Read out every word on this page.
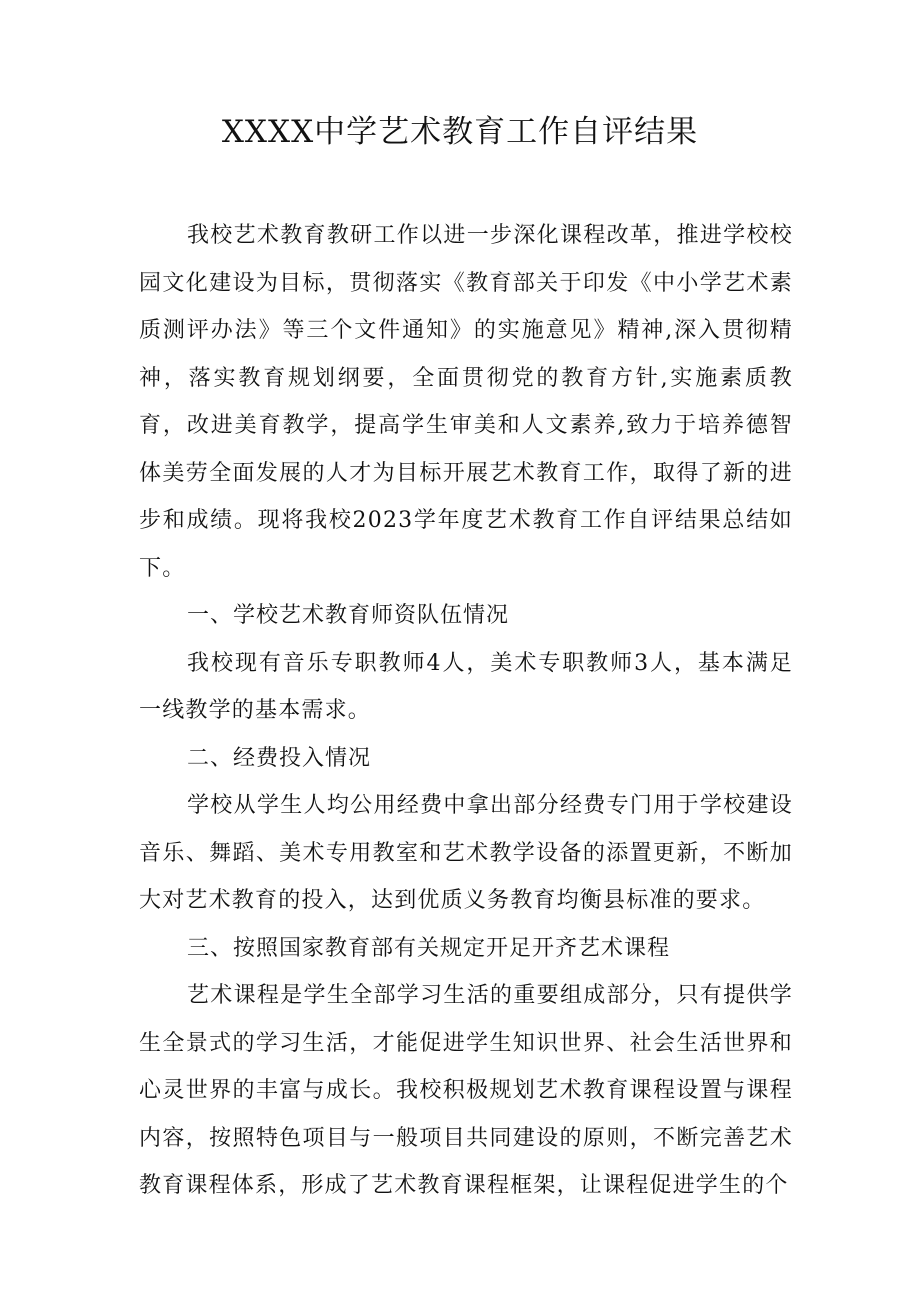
XXXX中学艺术教育工作自评结果

我校艺术教育教研工作以进一步深化课程改革，推进学校校园文化建设为目标，贯彻落实《教育部关于印发《中小学艺术素质测评办法》等三个文件通知》的实施意见》精神,深入贯彻精神，落实教育规划纲要，全面贯彻党的教育方针,实施素质教育，改进美育教学，提高学生审美和人文素养,致力于培养德智体美劳全面发展的人才为目标开展艺术教育工作，取得了新的进步和成绩。现将我校2023学年度艺术教育工作自评结果总结如下。

一、学校艺术教育师资队伍情况

我校现有音乐专职教师4人，美术专职教师3人，基本满足一线教学的基本需求。

二、经费投入情况

学校从学生人均公用经费中拿出部分经费专门用于学校建设音乐、舞蹈、美术专用教室和艺术教学设备的添置更新，不断加大对艺术教育的投入，达到优质义务教育均衡县标准的要求。

三、按照国家教育部有关规定开足开齐艺术课程

艺术课程是学生全部学习生活的重要组成部分，只有提供学生全景式的学习生活，才能促进学生知识世界、社会生活世界和心灵世界的丰富与成长。我校积极规划艺术教育课程设置与课程内容，按照特色项目与一般项目共同建设的原则，不断完善艺术教育课程体系，形成了艺术教育课程框架，让课程促进学生的个
